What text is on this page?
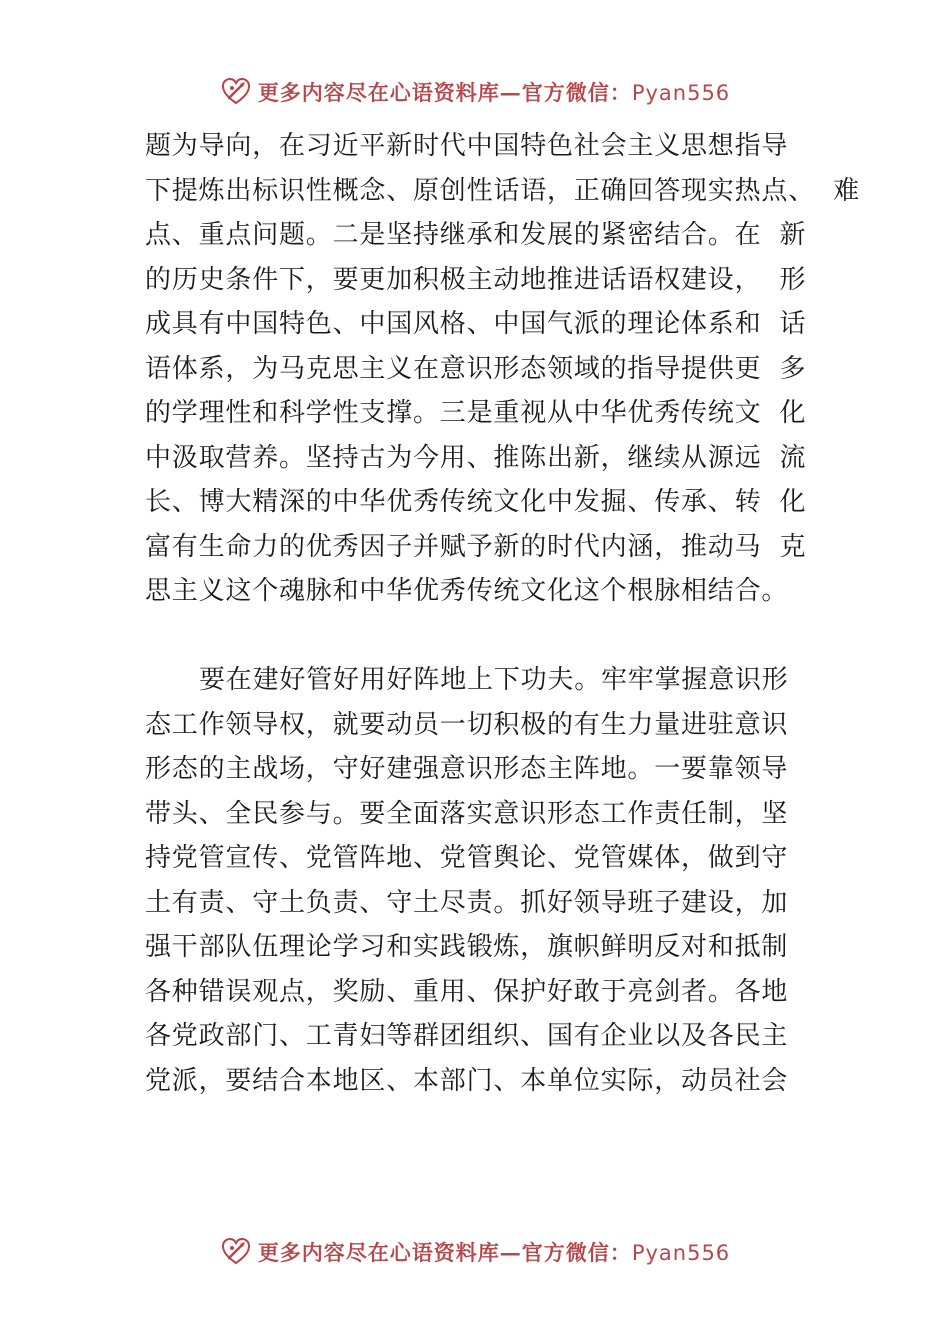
更多内容尽在心语资料库—官方微信：Pyan556
题为导向，在习近平新时代中国特色社会主义思想指导
下提炼出标识性概念、原创性话语，正确回答现实热点、  难
点、重点问题。二是坚持继承和发展的紧密结合。在  新
的历史条件下，要更加积极主动地推进话语权建设，  形
成具有中国特色、中国风格、中国气派的理论体系和  话
语体系，为马克思主义在意识形态领域的指导提供更  多
的学理性和科学性支撑。三是重视从中华优秀传统文  化
中汲取营养。坚持古为今用、推陈出新，继续从源远  流
长、博大精深的中华优秀传统文化中发掘、传承、转  化
富有生命力的优秀因子并赋予新的时代内涵，推动马  克
思主义这个魂脉和中华优秀传统文化这个根脉相结合。
要在建好管好用好阵地上下功夫。牢牢掌握意识形
态工作领导权，就要动员一切积极的有生力量进驻意识
形态的主战场，守好建强意识形态主阵地。一要靠领导
带头、全民参与。要全面落实意识形态工作责任制，坚
持党管宣传、党管阵地、党管舆论、党管媒体，做到守
土有责、守土负责、守土尽责。抓好领导班子建设，加
强干部队伍理论学习和实践锻炼，旗帜鲜明反对和抵制
各种错误观点，奖励、重用、保护好敢于亮剑者。各地
各党政部门、工青妇等群团组织、国有企业以及各民主
党派，要结合本地区、本部门、本单位实际，动员社会
更多内容尽在心语资料库—官方微信：Pyan556
